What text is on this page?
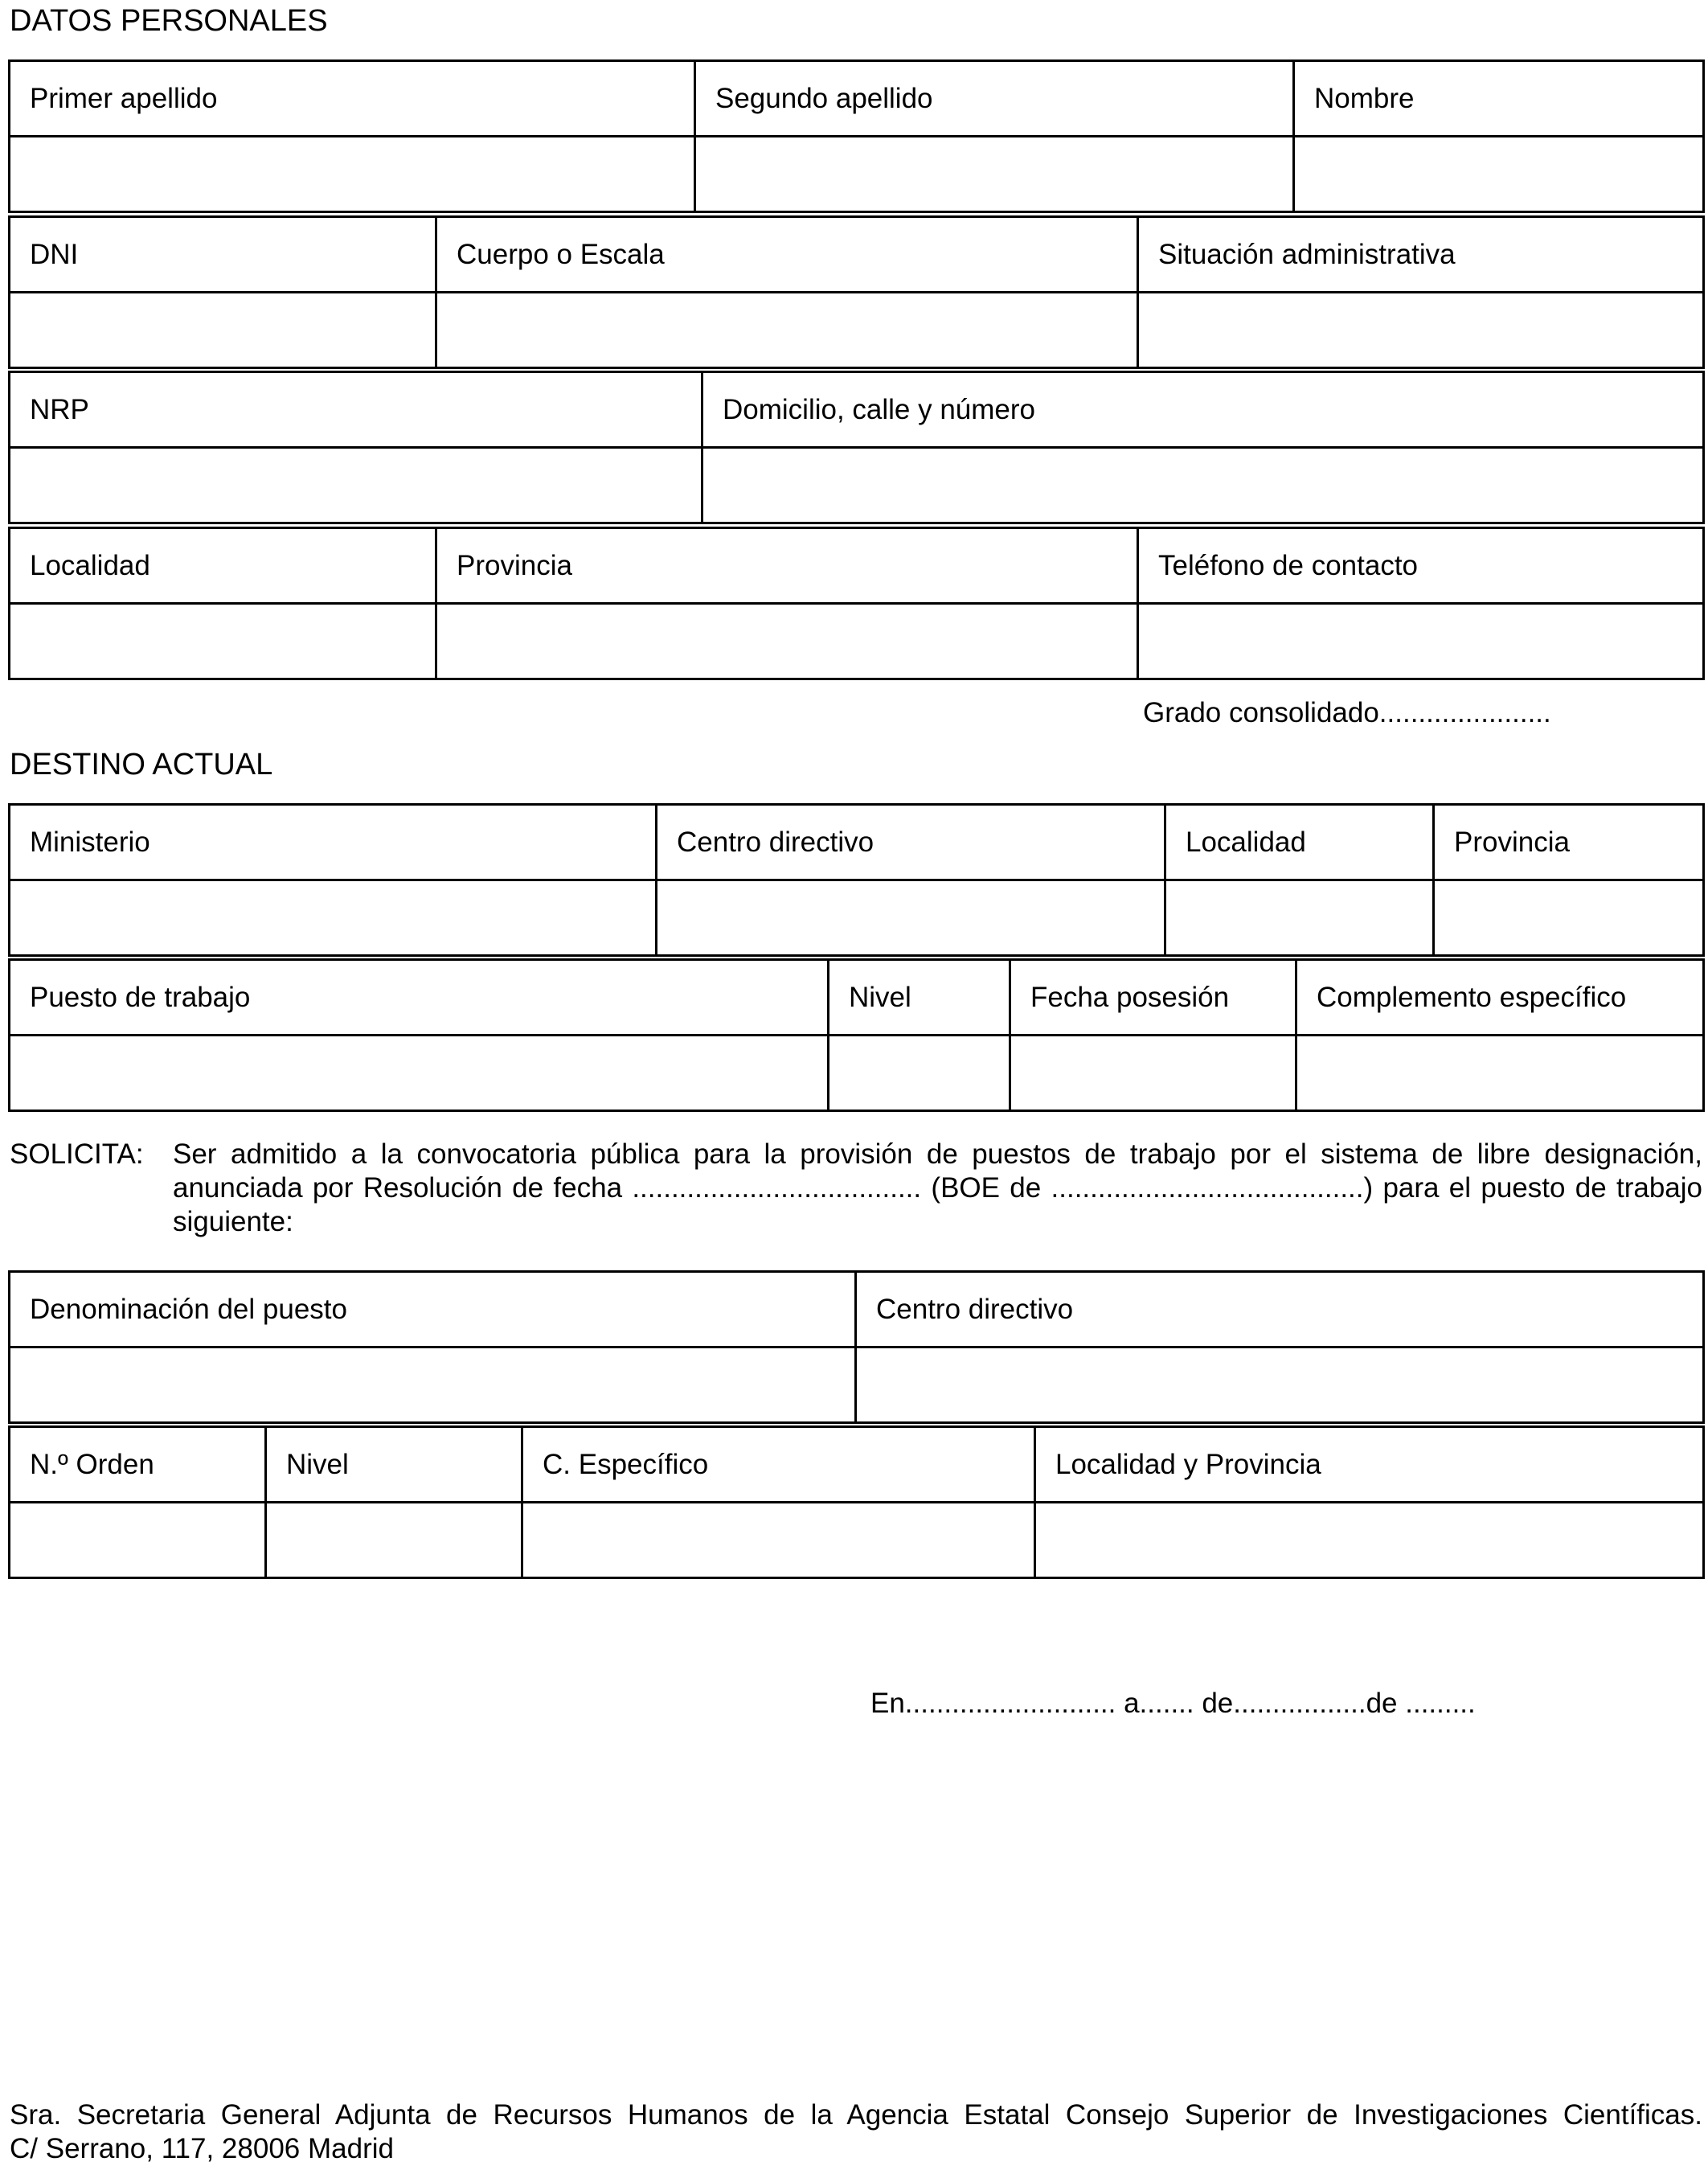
DATOS PERSONALES
Primer apellido	Segundo apellido	Nombre

DNI	Cuerpo o Escala	Situación administrativa

NRP	Domicilio, calle y número

Localidad	Provincia	Teléfono de contacto

Grado consolidado......................
DESTINO ACTUAL
Ministerio	Centro directivo	Localidad	Provincia

Puesto de trabajo	Nivel	Fecha posesión	Complemento específico

SOLICITA: Ser admitido a la convocatoria pública para la provisión de puestos de trabajo por el sistema de libre designación, anunciada por Resolución de fecha ..................................... (BOE de ........................................) para el puesto de trabajo siguiente:
Denominación del puesto	Centro directivo

N.º Orden	Nivel	C. Específico	Localidad y Provincia

En........................... a....... de.................de .........
Sra. Secretaria General Adjunta de Recursos Humanos de la Agencia Estatal Consejo Superior de Investigaciones Científicas.
C/ Serrano, 117, 28006 Madrid
